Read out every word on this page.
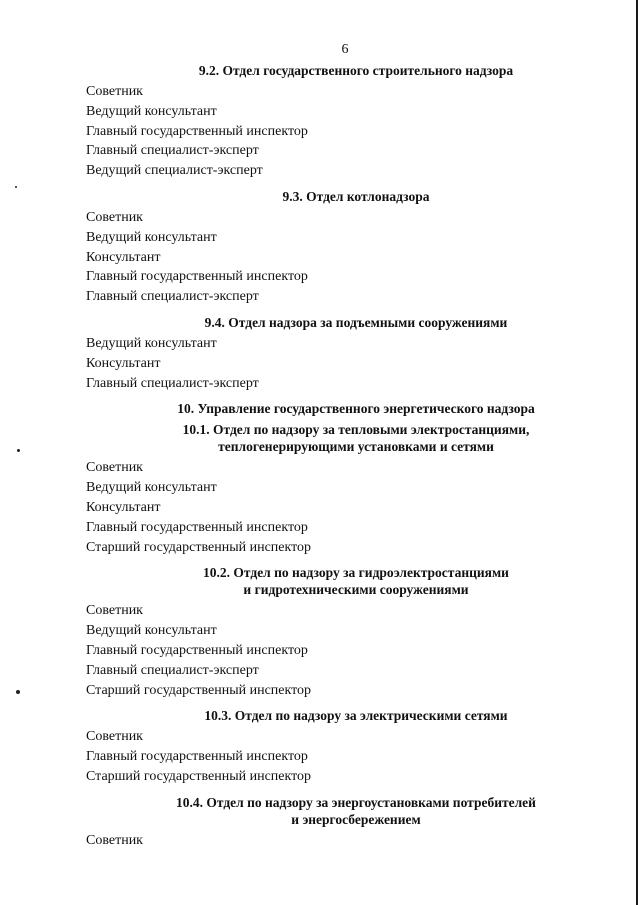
6
9.2. Отдел государственного строительного надзора
Советник
Ведущий консультант
Главный государственный инспектор
Главный специалист-эксперт
Ведущий специалист-эксперт
9.3. Отдел котлонадзора
Советник
Ведущий консультант
Консультант
Главный государственный инспектор
Главный специалист-эксперт
9.4. Отдел надзора за подъемными сооружениями
Ведущий консультант
Консультант
Главный специалист-эксперт
10. Управление государственного энергетического надзора
10.1. Отдел по надзору за тепловыми электростанциями,
теплогенерирующими установками и сетями
Советник
Ведущий консультант
Консультант
Главный государственный инспектор
Старший государственный инспектор
10.2. Отдел по надзору за гидроэлектростанциями
и гидротехническими сооружениями
Советник
Ведущий консультант
Главный государственный инспектор
Главный специалист-эксперт
Старший государственный инспектор
10.3. Отдел по надзору за электрическими сетями
Советник
Главный государственный инспектор
Старший государственный инспектор
10.4. Отдел по надзору за энергоустановками потребителей
и энергосбережением
Советник
